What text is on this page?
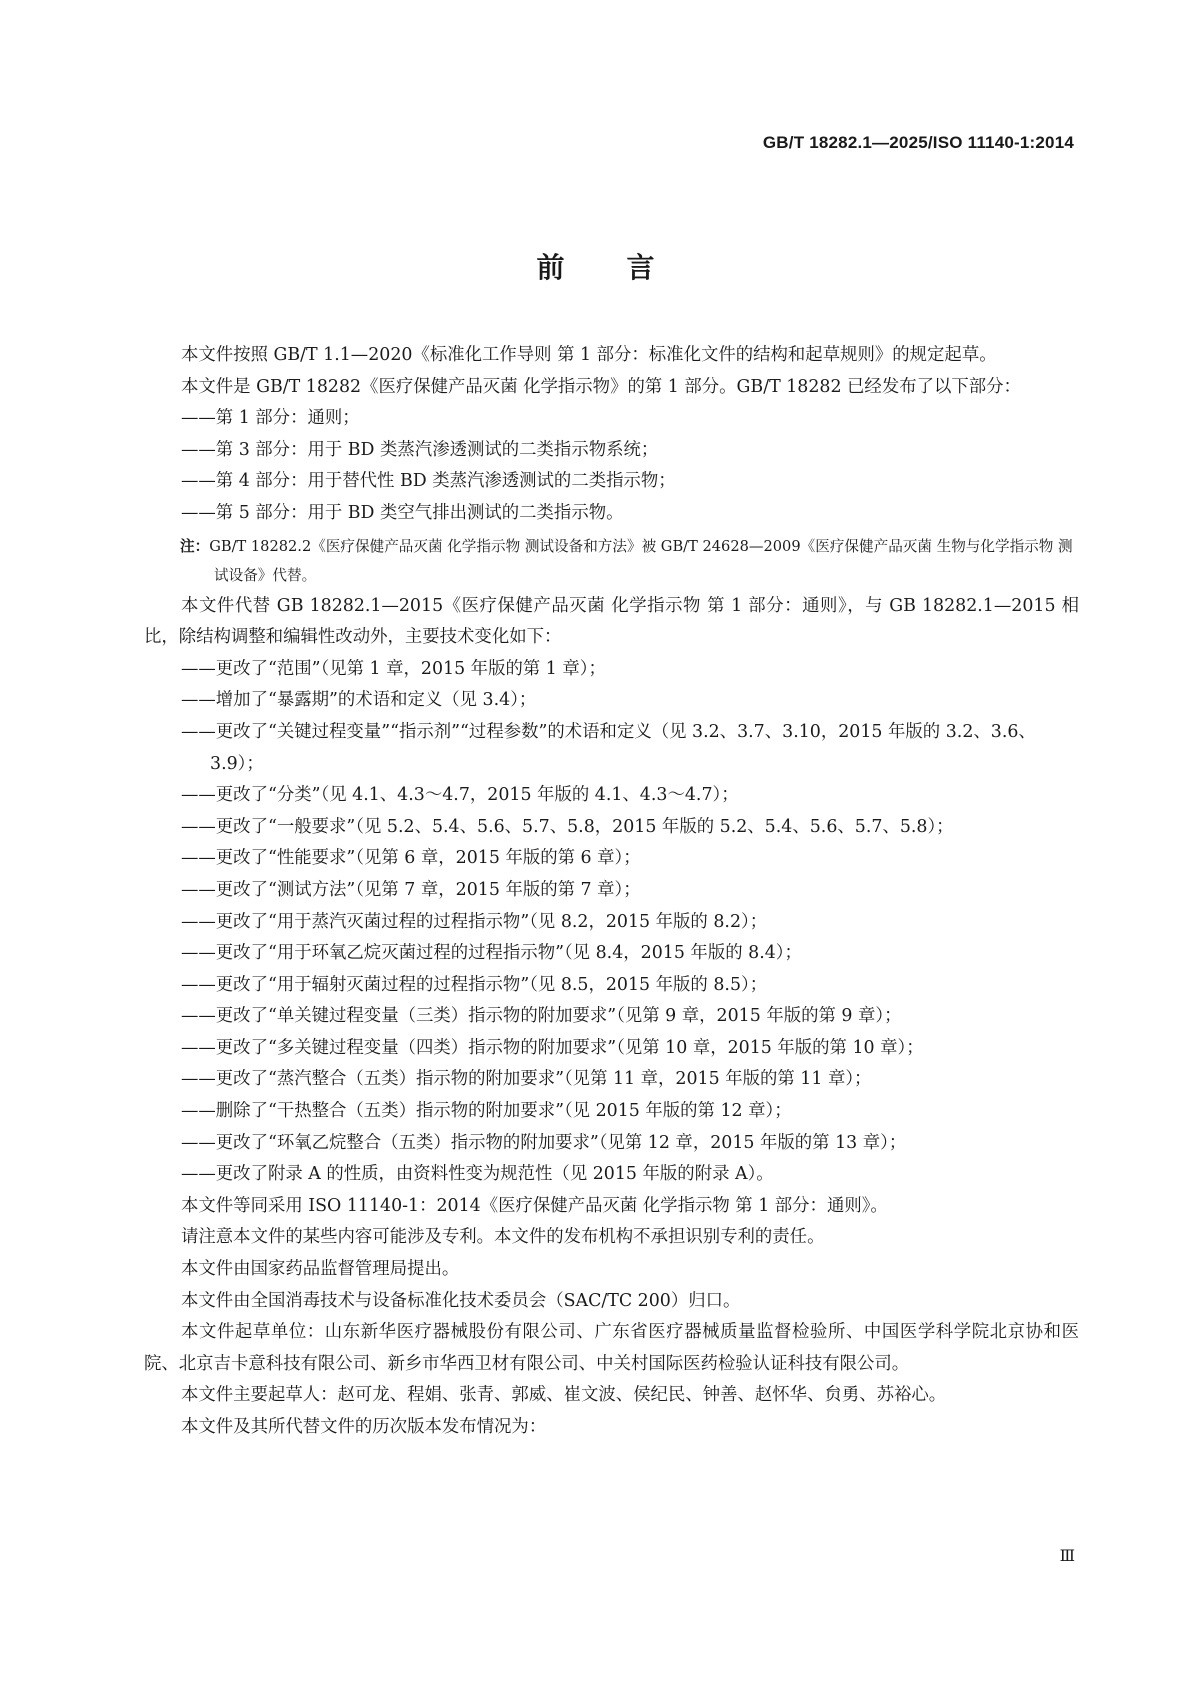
GB/T 18282.1—2025/ISO 11140-1:2014
前言

本文件按照 GB/T 1.1—2020《标准化工作导则 第 1 部分：标准化文件的结构和起草规则》的规定起草。

本文件是 GB/T 18282《医疗保健产品灭菌 化学指示物》的第 1 部分。GB/T 18282 已经发布了以下部分：

——第 1 部分：通则；

——第 3 部分：用于 BD 类蒸汽渗透测试的二类指示物系统；

——第 4 部分：用于替代性 BD 类蒸汽渗透测试的二类指示物；

——第 5 部分：用于 BD 类空气排出测试的二类指示物。

注：GB/T 18282.2《医疗保健产品灭菌 化学指示物 测试设备和方法》被 GB/T 24628—2009《医疗保健产品灭菌 生物与化学指示物 测试设备》代替。

本文件代替 GB 18282.1—2015《医疗保健产品灭菌 化学指示物 第 1 部分：通则》，与 GB 18282.1—2015 相比，除结构调整和编辑性改动外，主要技术变化如下：

——更改了“范围”（见第 1 章，2015 年版的第 1 章）；

——增加了“暴露期”的术语和定义（见 3.4）；

——更改了“关键过程变量”“指示剂”“过程参数”的术语和定义（见 3.2、3.7、3.10，2015 年版的 3.2、3.6、3.9）；

——更改了“分类”（见 4.1、4.3～4.7，2015 年版的 4.1、4.3～4.7）；

——更改了“一般要求”（见 5.2、5.4、5.6、5.7、5.8，2015 年版的 5.2、5.4、5.6、5.7、5.8）；

——更改了“性能要求”（见第 6 章，2015 年版的第 6 章）；

——更改了“测试方法”（见第 7 章，2015 年版的第 7 章）；

——更改了“用于蒸汽灭菌过程的过程指示物”（见 8.2，2015 年版的 8.2）；

——更改了“用于环氧乙烷灭菌过程的过程指示物”（见 8.4，2015 年版的 8.4）；

——更改了“用于辐射灭菌过程的过程指示物”（见 8.5，2015 年版的 8.5）；

——更改了“单关键过程变量（三类）指示物的附加要求”（见第 9 章，2015 年版的第 9 章）；

——更改了“多关键过程变量（四类）指示物的附加要求”（见第 10 章，2015 年版的第 10 章）；

——更改了“蒸汽整合（五类）指示物的附加要求”（见第 11 章，2015 年版的第 11 章）；

——删除了“干热整合（五类）指示物的附加要求”（见 2015 年版的第 12 章）；

——更改了“环氧乙烷整合（五类）指示物的附加要求”（见第 12 章，2015 年版的第 13 章）；

——更改了附录 A 的性质，由资料性变为规范性（见 2015 年版的附录 A）。

本文件等同采用 ISO 11140-1：2014《医疗保健产品灭菌 化学指示物 第 1 部分：通则》。

请注意本文件的某些内容可能涉及专利。本文件的发布机构不承担识别专利的责任。

本文件由国家药品监督管理局提出。

本文件由全国消毒技术与设备标准化技术委员会（SAC/TC 200）归口。

本文件起草单位：山东新华医疗器械股份有限公司、广东省医疗器械质量监督检验所、中国医学科学院北京协和医院、北京吉卡意科技有限公司、新乡市华西卫材有限公司、中关村国际医药检验认证科技有限公司。

本文件主要起草人：赵可龙、程娟、张青、郭威、崔文波、侯纪民、钟善、赵怀华、贠勇、苏裕心。

本文件及其所代替文件的历次版本发布情况为：

Ⅲ
